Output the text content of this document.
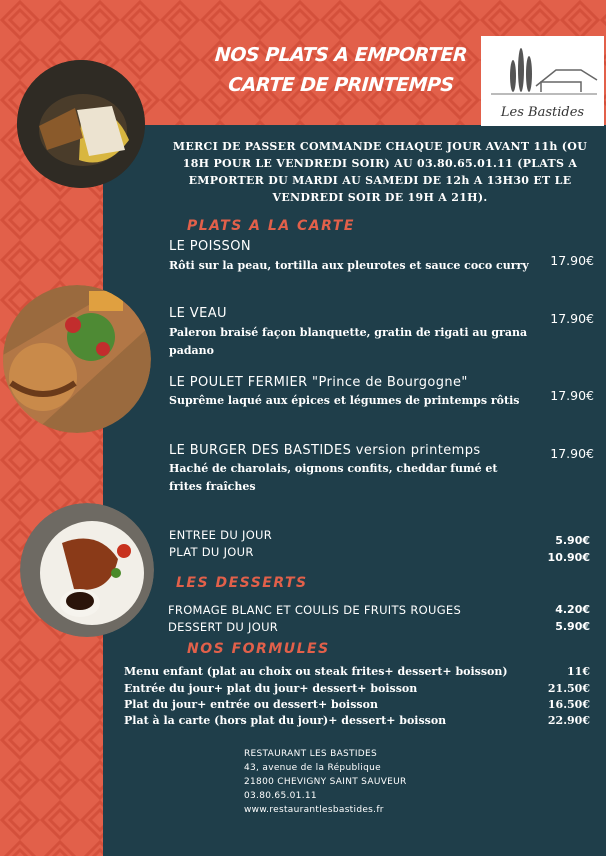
NOS PLATS A EMPORTER
CARTE DE PRINTEMPS
Les Bastides
MERCI DE PASSER COMMANDE CHAQUE JOUR AVANT 11h (OU 18H POUR LE VENDREDI SOIR) AU 03.80.65.01.11 (PLATS A EMPORTER DU MARDI AU SAMEDI DE 12h A 13H30 ET LE VENDREDI SOIR DE 19H A 21H).
PLATS A LA CARTE
LE POISSON
Rôti sur la peau, tortilla aux pleurotes et sauce coco curry 17.90€
LE VEAU
Paleron braisé façon blanquette, gratin de rigati au grana padano
17.90€
LE POULET FERMIER "Prince de Bourgogne"
Suprême laqué aux épices et légumes de printemps rôtis	17.90€
LE BURGER DES BASTIDES version printemps
Haché de charolais, oignons confits, cheddar fumé et frites fraîches
17.90€
ENTREE DU JOUR	5.90€
PLAT DU JOUR	10.90€
LES DESSERTS
FROMAGE BLANC ET COULIS DE FRUITS ROUGES	4.20€
DESSERT DU JOUR	5.90€
NOS FORMULES
Menu enfant (plat au choix ou steak frites+ dessert+ boisson)	11€
Entrée du jour+ plat du jour+ dessert+ boisson	21.50€
Plat du jour+ entrée ou dessert+ boisson	16.50€
Plat à la carte (hors plat du jour)+ dessert+ boisson	22.90€
RESTAURANT LES BASTIDES
43, avenue de la République
21800 CHEVIGNY SAINT SAUVEUR
03.80.65.01.11
www.restaurantlesbastides.fr
